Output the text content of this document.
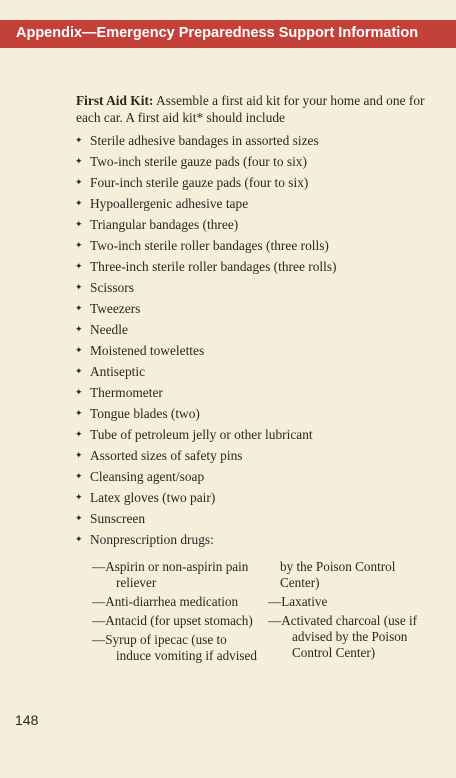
Appendix—Emergency Preparedness Support Information

First Aid Kit: Assemble a first aid kit for your home and one for each car. A first aid kit* should include

✦ Sterile adhesive bandages in assorted sizes
✦ Two-inch sterile gauze pads (four to six)
✦ Four-inch sterile gauze pads (four to six)
✦ Hypoallergenic adhesive tape
✦ Triangular bandages (three)
✦ Two-inch sterile roller bandages (three rolls)
✦ Three-inch sterile roller bandages (three rolls)
✦ Scissors
✦ Tweezers
✦ Needle
✦ Moistened towelettes
✦ Antiseptic
✦ Thermometer
✦ Tongue blades (two)
✦ Tube of petroleum jelly or other lubricant
✦ Assorted sizes of safety pins
✦ Cleansing agent/soap
✦ Latex gloves (two pair)
✦ Sunscreen
✦ Nonprescription drugs:
—Aspirin or non-aspirin pain reliever
—Anti-diarrhea medication
—Antacid (for upset stomach)
—Syrup of ipecac (use to induce vomiting if advised
by the Poison Control Center)
—Laxative
—Activated charcoal (use if advised by the Poison Control Center)
148
